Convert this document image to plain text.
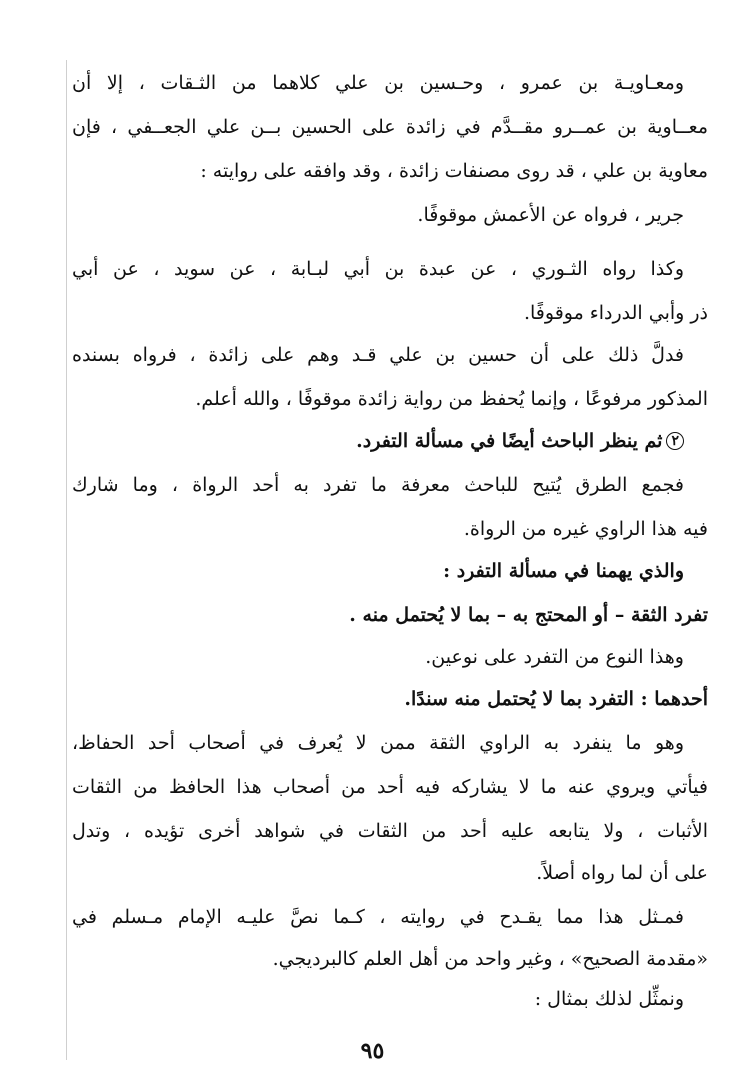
ومعـاويـة بن عمرو ، وحـسين بن علي كلاهما من الثـقات ، إلا أن
معــاوية بن عمــرو مقــدَّم في زائدة على الحسين بــن علي الجعــفي ، فإن
معاوية بن علي ، قد روى مصنفات زائدة ، وقد وافقه على روايته :
جرير ، فرواه عن الأعمش موقوفًا.
وكذا رواه الثـوري ، عن عبدة بن أبي لبـابة ، عن سويد ، عن أبي
ذر وأبي الدرداء موقوفًا.
فدلَّ ذلك على أن حسين بن علي قـد وهم على زائدة ، فرواه بسنده
المذكور مرفوعًا ، وإنما يُحفظ من رواية زائدة موقوفًا ، والله أعلم.
٢ثم ينظر الباحث أيضًا في مسألة التفرد.
فجمع الطرق يُتيح للباحث معرفة ما تفرد به أحد الرواة ، وما شارك
فيه هذا الراوي غيره من الرواة.
والذي يهمنا في مسألة التفرد :
تفرد الثقة – أو المحتج به – بما لا يُحتمل منه .
وهذا النوع من التفرد على نوعين.
أحدهما : التفرد بما لا يُحتمل منه سندًا.
وهو ما ينفرد به الراوي الثقة ممن لا يُعرف في أصحاب أحد الحفاظ،
فيأتي ويروي عنه ما لا يشاركه فيه أحد من أصحاب هذا الحافظ من الثقات
الأثبات ، ولا يتابعه عليه أحد من الثقات في شواهد أخرى تؤيده ، وتدل
على أن لما رواه أصلاً.
فمـثل هذا مما يقـدح في روايته ، كـما نصَّ عليـه الإمام مـسلم في
«مقدمة الصحيح» ، وغير واحد من أهل العلم كالبرديجي.
ونمثِّل لذلك بمثال :
٩٥
